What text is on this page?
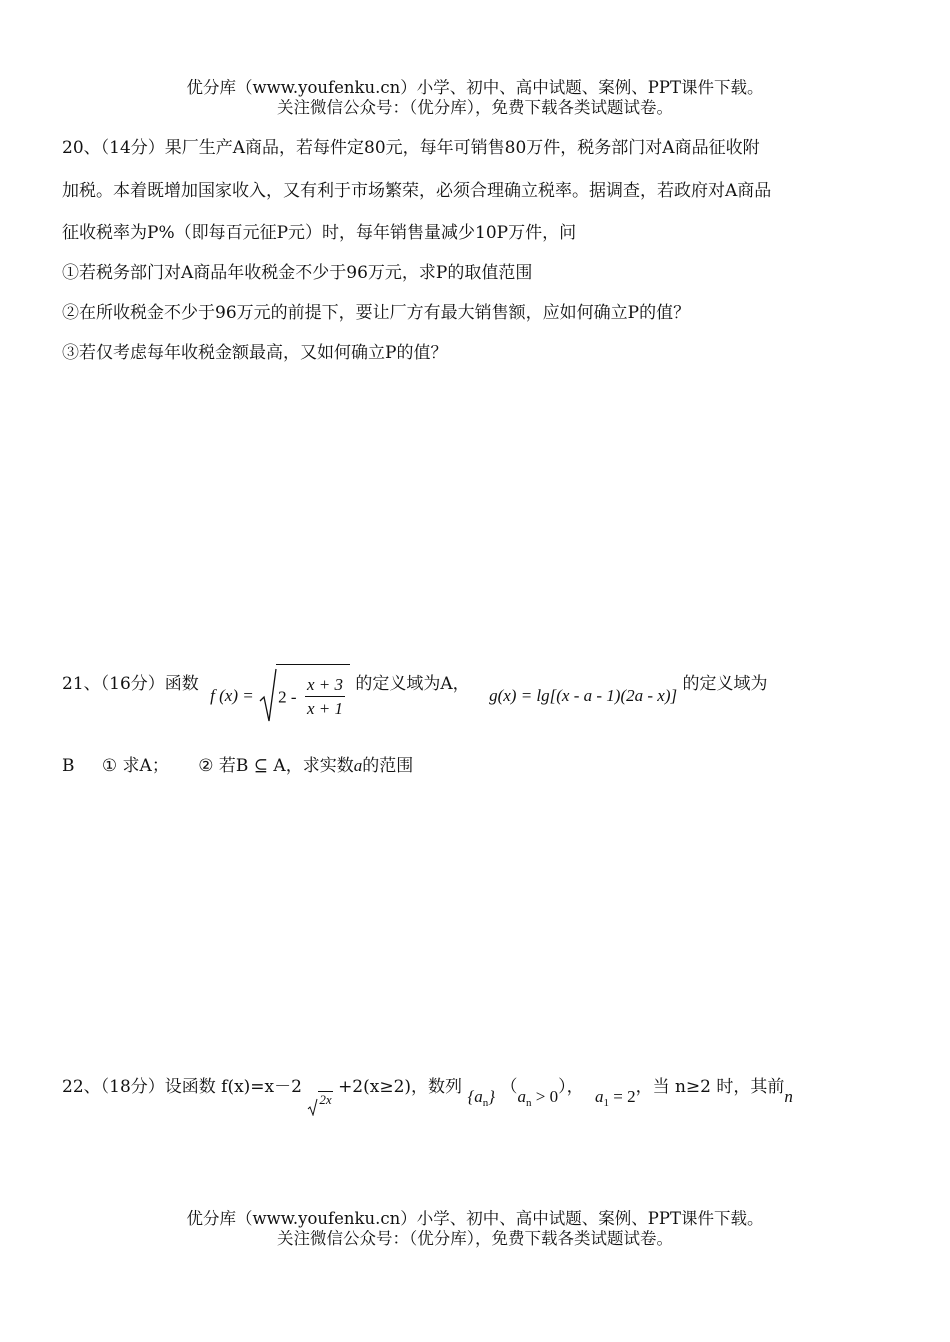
优分库（www.youfenku.cn）小学、初中、高中试题、案例、PPT课件下载。
关注微信公众号：（优分库），免费下载各类试题试卷。
20、（14分）果厂生产A商品，若每件定80元，每年可销售80万件，税务部门对A商品征收附
加税。本着既增加国家收入，又有利于市场繁荣，必须合理确立税率。据调查，若政府对A商品
征收税率为P%（即每百元征P元）时，每年销售量减少10P万件，问
①若税务部门对A商品年收税金不少于96万元，求P的取值范围
②在所收税金不少于96万元的前提下，要让厂方有最大销售额，应如何确立P的值？
③若仅考虑每年收税金额最高，又如何确立P的值？
21、（16分）函数 f $(x) = 2 - \frac{x + 3}{x + 1}$ 的定义域为A， g(x) = lg[(x - a - 1)(2a - x)] 的定义域为
B ① 求A； ② 若B ⊆ A，求实数a的范围
22、（18分）设函数 f(x)=x－2 2x +2(x≥2)，数列 $\{a_n\} (a_n > 0)$， $a_1 = 2$，当 n≥2 时，其前n
优分库（www.youfenku.cn）小学、初中、高中试题、案例、PPT课件下载。
关注微信公众号：（优分库），免费下载各类试题试卷。
